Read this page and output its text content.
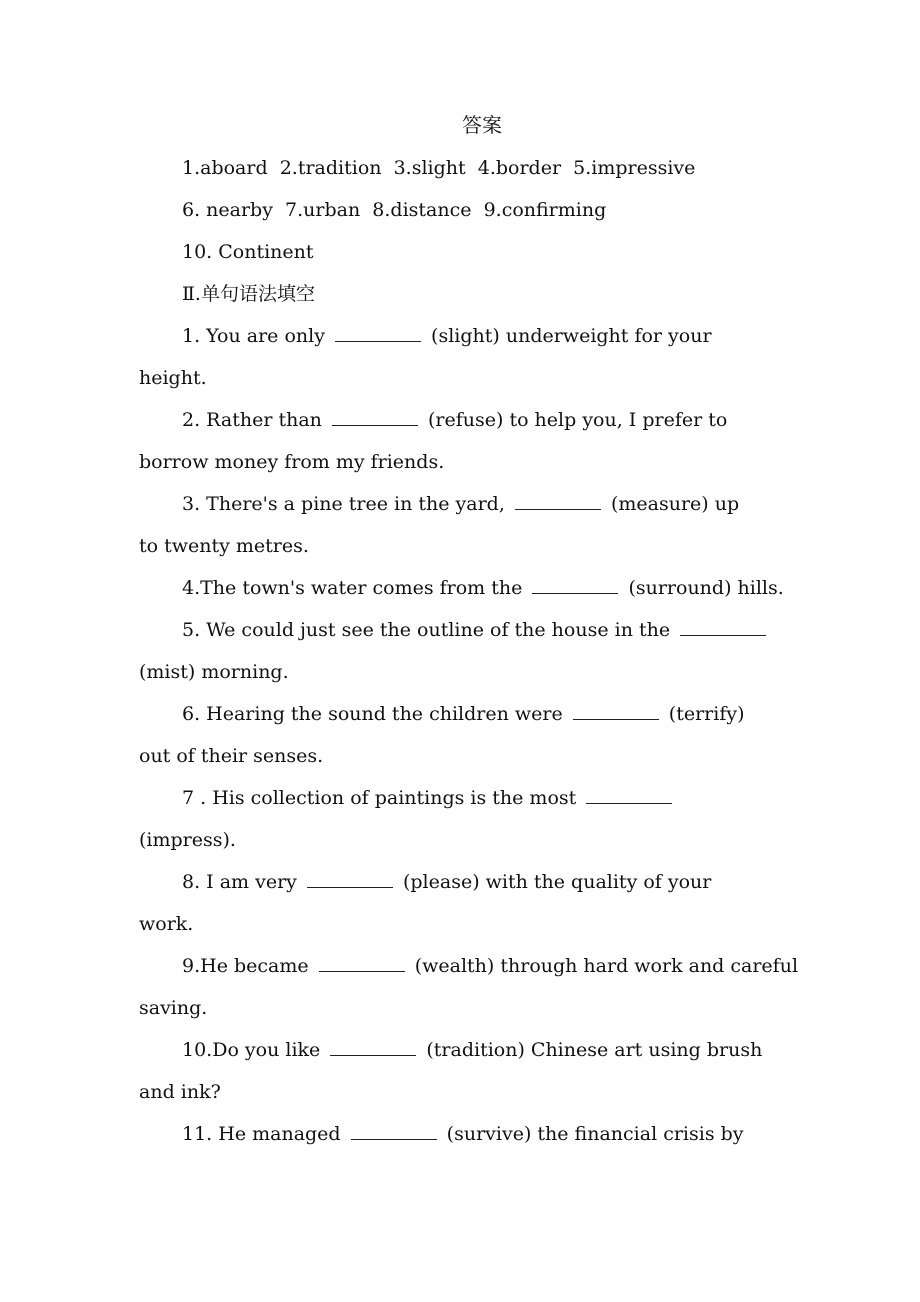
答案
1.aboard  2.tradition  3.slight  4.border  5.impressive
6. nearby  7.urban  8.distance  9.confirming
10. Continent
Ⅱ.单句语法填空
1. You are only	(slight) underweight for your
height.
2. Rather than	(refuse) to help you, I prefer to
borrow money from my friends.
3. There's a pine tree in the yard,	(measure) up
to twenty metres.
4.The town's water comes from the	(surround) hills.
5. We could just see the outline of the house in the
(mist) morning.
6. Hearing the sound the children were	(terrify)
out of their senses.
7 . His collection of paintings is the most
(impress).
8. I am very	(please) with the quality of your
work.
9.He became	(wealth) through hard work and careful
saving.
10.Do you like	(tradition) Chinese art using brush
and ink?
11. He managed	(survive) the financial crisis by
